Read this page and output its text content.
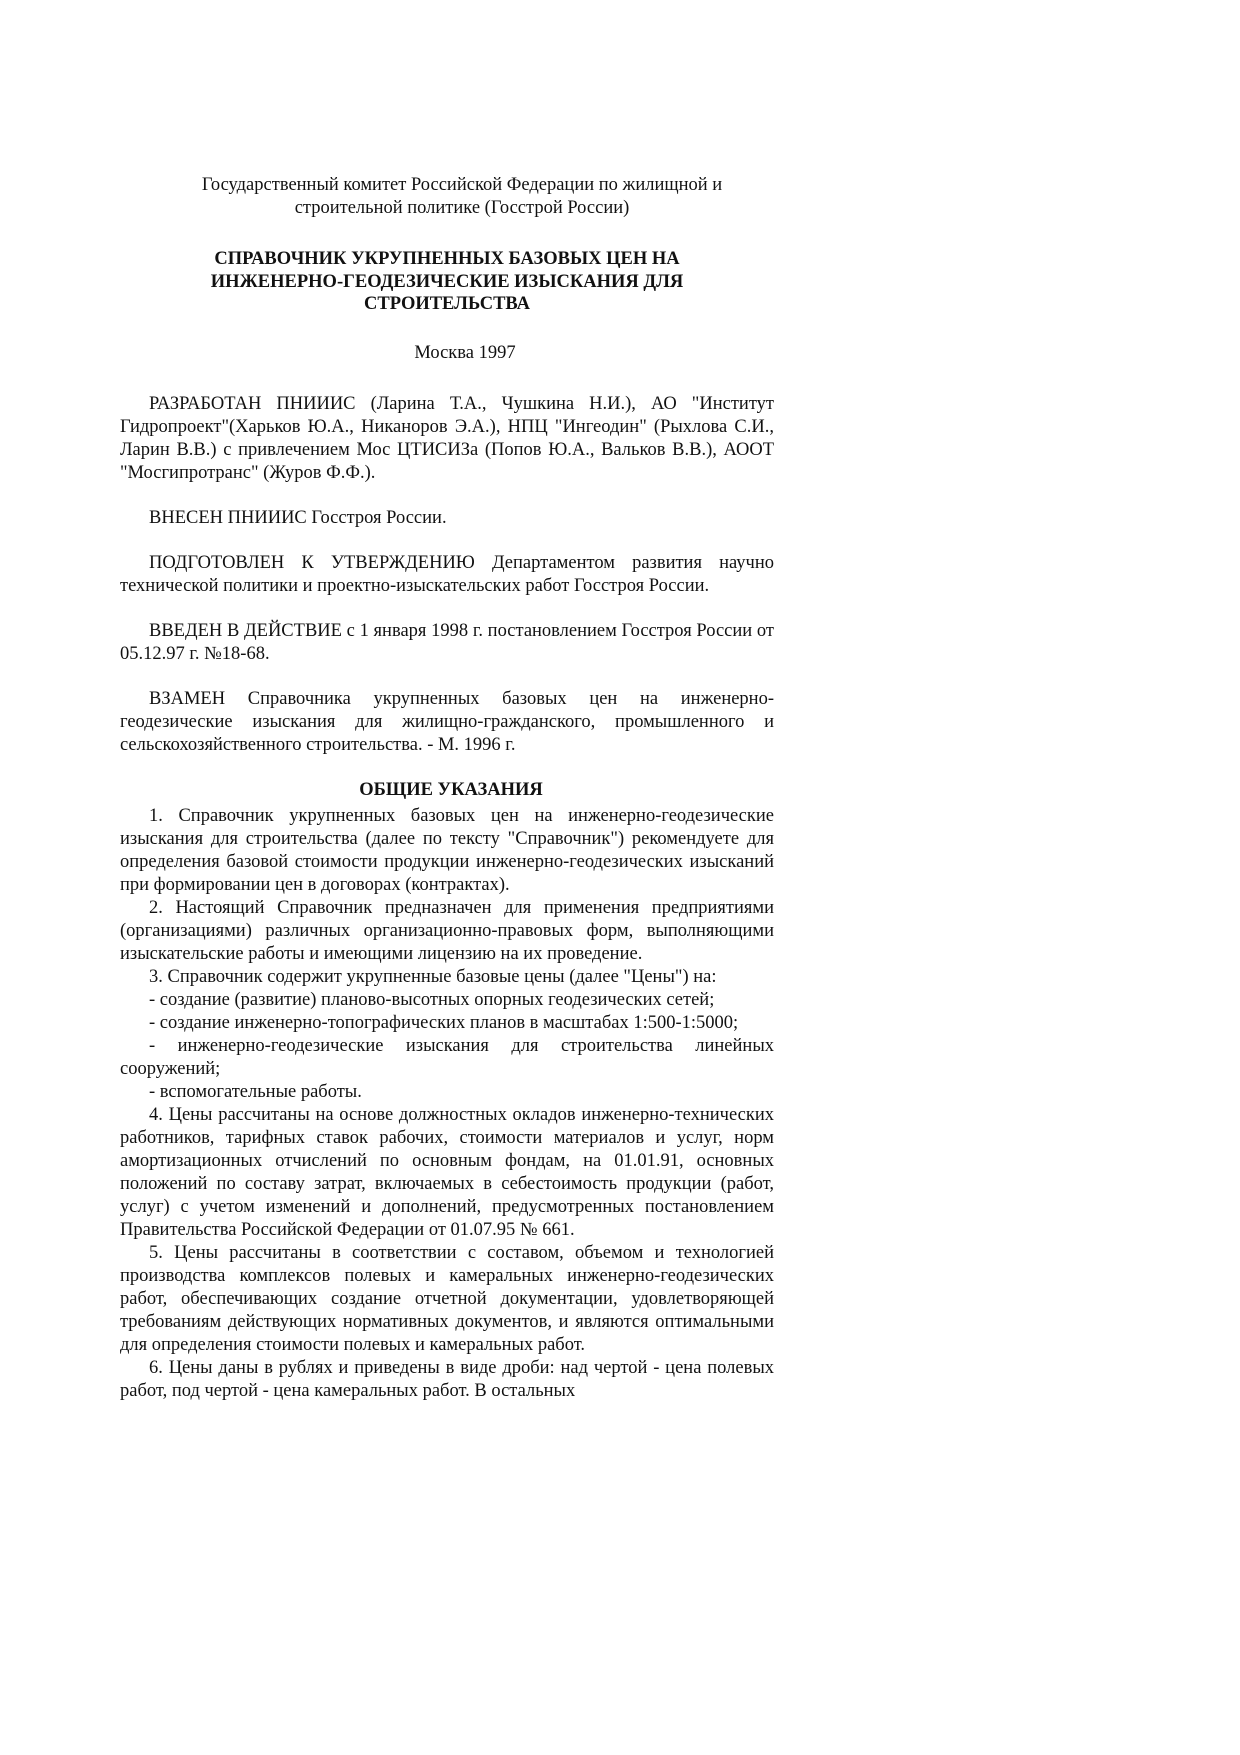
Государственный комитет Российской Федерации по жилищной и
строительной политике (Госстрой России)
СПРАВОЧНИК УКРУПНЕННЫХ БАЗОВЫХ ЦЕН НА
ИНЖЕНЕРНО-ГЕОДЕЗИЧЕСКИЕ ИЗЫСКАНИЯ ДЛЯ
СТРОИТЕЛЬСТВА
Москва 1997

РАЗРАБОТАН ПНИИИС (Ларина Т.А., Чушкина Н.И.), АО "Институт Гидропроект"(Харьков Ю.А., Никаноров Э.А.), НПЦ "Ингеодин" (Рыхлова С.И., Ларин В.В.) с привлечением Мос ЦТИСИЗа (Попов Ю.А., Вальков В.В.), АООТ "Мосгипротранс" (Журов Ф.Ф.).

ВНЕСЕН ПНИИИС Госстроя России.

ПОДГОТОВЛЕН К УТВЕРЖДЕНИЮ Департаментом развития научно технической политики и проектно-изыскательских работ Госстроя России.

ВВЕДЕН В ДЕЙСТВИЕ с 1 января 1998 г. постановлением Госстроя России от 05.12.97 г. №18-68.

ВЗАМЕН Справочника укрупненных базовых цен на инженерно-геодезические изыскания для жилищно-гражданского, промышленного и сельскохозяйственного строительства. - М. 1996 г.

ОБЩИЕ УКАЗАНИЯ

1. Справочник укрупненных базовых цен на инженерно-геодезические изыскания для строительства (далее по тексту "Справочник") рекомендуете для определения базовой стоимости продукции инженерно-геодезических изысканий при формировании цен в договорах (контрактах).

2. Настоящий Справочник предназначен для применения предприятиями (организациями) различных организационно-правовых форм, выполняющими изыскательские работы и имеющими лицензию на их проведение.

3. Справочник содержит укрупненные базовые цены (далее "Цены") на:

- создание (развитие) планово-высотных опорных геодезических сетей;

- создание инженерно-топографических планов в масштабах 1:500-1:5000;

- инженерно-геодезические изыскания для строительства линейных сооружений;

- вспомогательные работы.

4. Цены рассчитаны на основе должностных окладов инженерно-технических работников, тарифных ставок рабочих, стоимости материалов и услуг, норм амортизационных отчислений по основным фондам, на 01.01.91, основных положений по составу затрат, включаемых в себестоимость продукции (работ, услуг) с учетом изменений и дополнений, предусмотренных постановлением Правительства Российской Федерации от 01.07.95 № 661.

5. Цены рассчитаны в соответствии с составом, объемом и технологией производства комплексов полевых и камеральных инженерно-геодезических работ, обеспечивающих создание отчетной документации, удовлетворяющей требованиям действующих нормативных документов, и являются оптимальными для определения стоимости полевых и камеральных работ.

6. Цены даны в рублях и приведены в виде дроби: над чертой - цена полевых работ, под чертой - цена камеральных работ. В остальных
